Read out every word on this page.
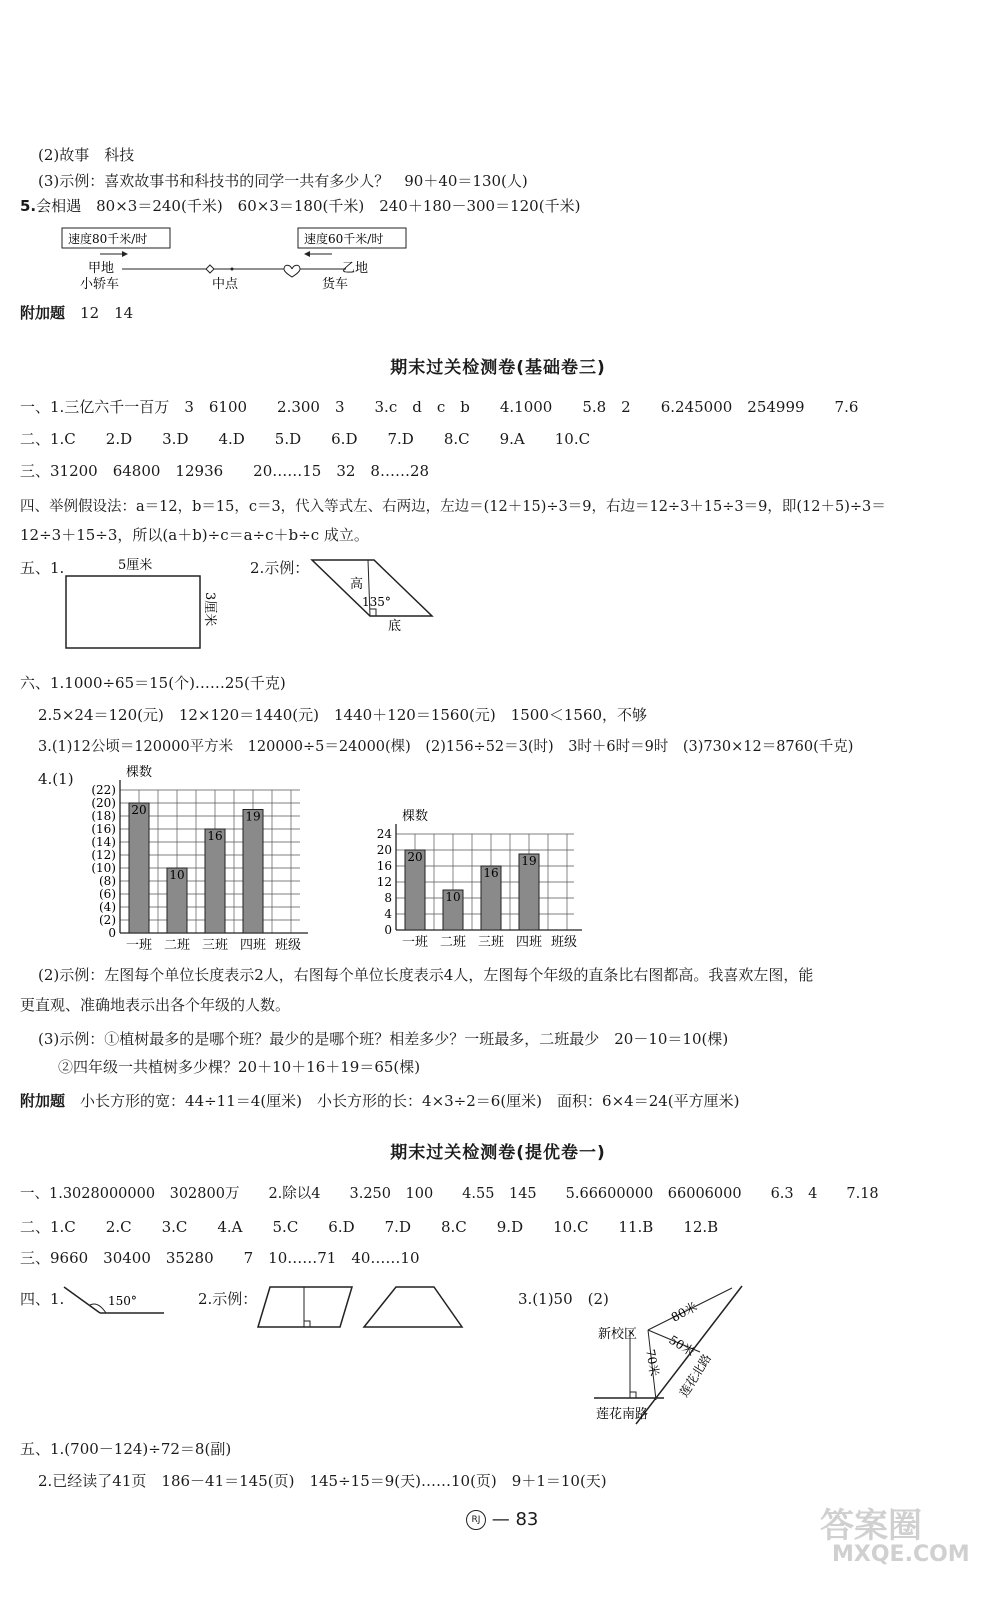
(2)故事　科技
(3)示例：喜欢故事书和科技书的同学一共有多少人？　90＋40＝130(人)
5.会相遇　80×3＝240(千米)　60×3＝180(千米)　240＋180－300＝120(千米)
速度80千米/时	速度60千米/时
甲地
小轿车	中点
乙地
货车
附加题　 12　14
期末过关检测卷(基础卷三)
一、1.三亿六千一百万　3　6100　　2.300　3　　3.c　d　c　b　　4.1000　　5.8　2　　6.245000　254999　　7.6
二、1.C　　2.D　　3.D　　4.D　　5.D　　6.D　　7.D　　8.C　　9.A　　10.C
三、31200　64800　12936　　20……15　32　8……28
四、举例假设法：a＝12，b＝15，c＝3，代入等式左、右两边，左边＝(12＋15)÷3＝9，右边＝12÷3＋15÷3＝9，即(12＋5)÷3＝
12÷3＋15÷3，所以(a＋b)÷c＝a÷c＋b÷c 成立。
五、1.	5厘米
3厘米
2.示例：
高
135°
底
六、1.1000÷65＝15(个)……25(千克)
2.5×24＝120(元)　12×120＝1440(元)　1440＋120＝1560(元)　1500＜1560，不够
3.(1)12公顷＝120000平方米　120000÷5＝24000(棵)　(2)156÷52＝3(时)　3时＋6时＝9时　(3)730×12＝8760(千克)
4.(1)
0
(2)
(4)
(6)
(8)
(10)
(12)
(14)
(16)
(18)
(20)
(22)
棵数
20
一班
10
二班
16
三班
19
四班 班级
0
4
8
12
16
20
24
棵数
20
一班
10
二班
16
三班
19
四班 班级
(2)示例：左图每个单位长度表示2人，右图每个单位长度表示4人，左图每个年级的直条比右图都高。我喜欢左图，能
更直观、准确地表示出各个年级的人数。
(3)示例：①植树最多的是哪个班？最少的是哪个班？相差多少？一班最多，二班最少　20－10＝10(棵)
②四年级一共植树多少棵？20＋10＋16＋19＝65(棵)
附加题　 小长方形的宽：44÷11＝4(厘米)　小长方形的长：4×3÷2＝6(厘米)　面积：6×4＝24(平方厘米)
期末过关检测卷(提优卷一)
一、1.3028000000　302800万　　2.除以4　　3.250　100　　4.55　145　　5.66600000　66006000　　6.3　4　　7.18
二、1.C　　2.C　　3.C　　4.A　　5.C　　6.D　　7.D　　8.C　　9.D　　10.C　　11.B　　12.B
三、9660　30400　35280　　7　10……71　40……10
四、1.	150°	2.示例：	3.(1)50　(2)
新校区
80米
50米
70米 莲花北路
莲花南路
五、1.(700－124)÷72＝8(副)
2.已经读了41页　186－41＝145(页)　145÷15＝9(天)……10(页)　9＋1＝10(天)
RJ — 83	答案圈
MXQE.COM
